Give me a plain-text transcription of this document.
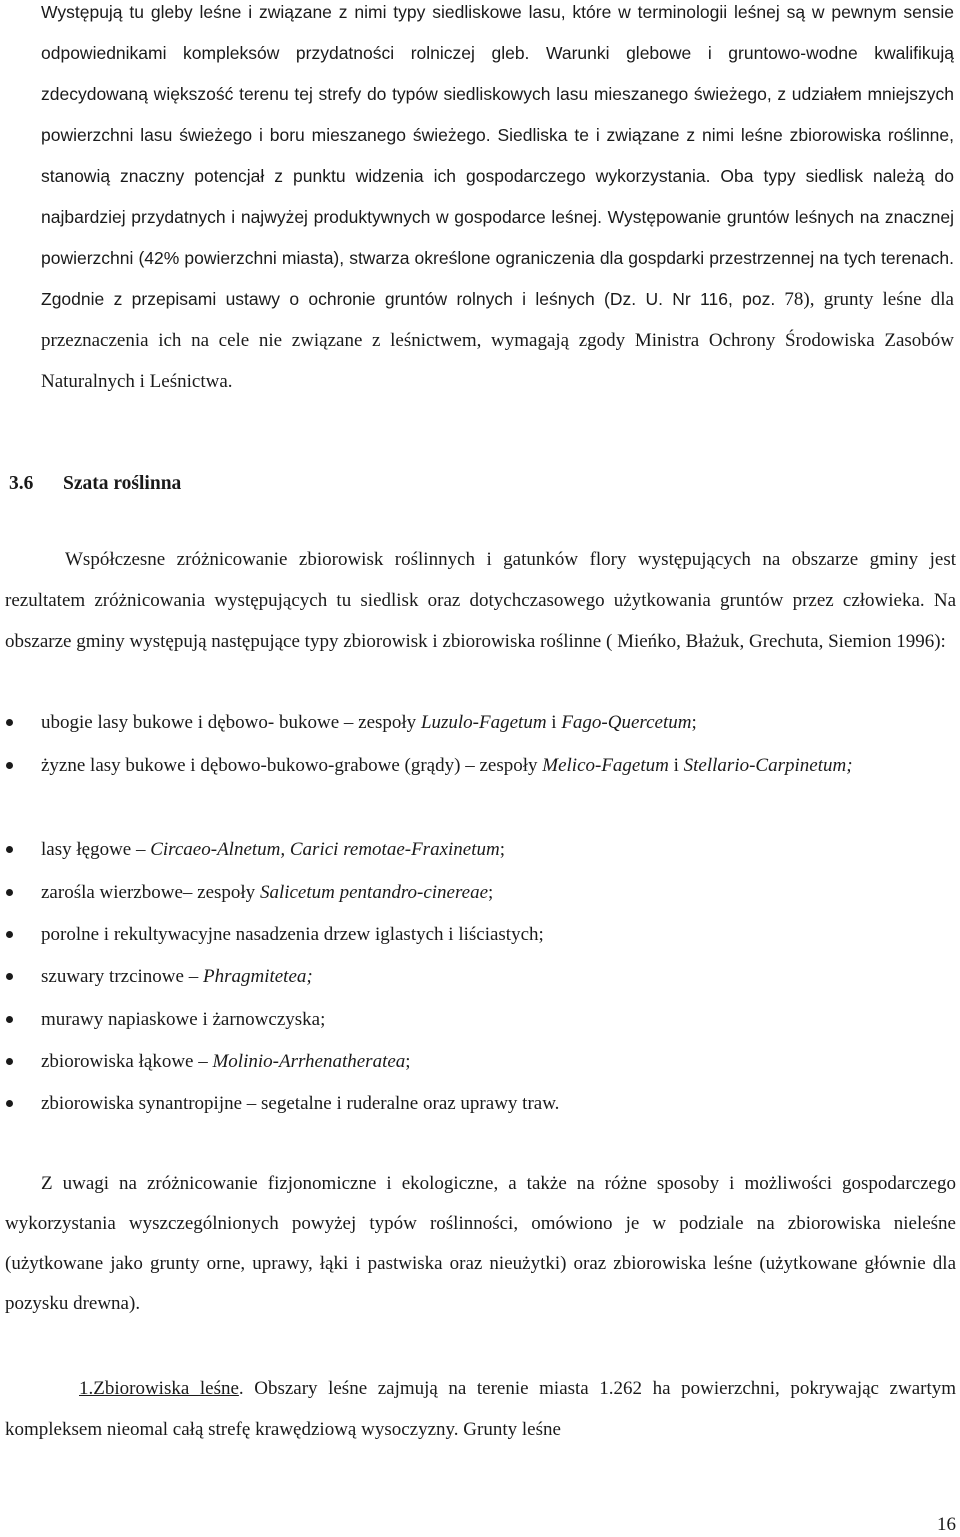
Występują tu gleby leśne i związane z nimi typy siedliskowe lasu, które w terminologii leśnej są w pewnym sensie odpowiednikami kompleksów przydatności rolniczej gleb. Warunki glebowe i gruntowo-wodne kwalifikują zdecydowaną większość terenu tej strefy do typów siedliskowych lasu mieszanego świeżego, z udziałem mniejszych powierzchni lasu świeżego i boru mieszanego świeżego. Siedliska te i związane z nimi leśne zbiorowiska roślinne, stanowią znaczny potencjał z punktu widzenia ich gospodarczego wykorzystania. Oba typy siedlisk należą do najbardziej przydatnych i najwyżej produktywnych w gospodarce leśnej. Występowanie gruntów leśnych na znacznej powierzchni (42% powierzchni miasta), stwarza określone ograniczenia dla gospdarki przestrzennej na tych terenach. Zgodnie z przepisami ustawy o ochronie gruntów rolnych i leśnych (Dz. U. Nr 116, poz. 78), grunty leśne dla przeznaczenia ich na cele nie związane z leśnictwem, wymagają zgody Ministra Ochrony Środowiska Zasobów Naturalnych i Leśnictwa.

3.6 Szata roślinna

Współczesne zróżnicowanie zbiorowisk roślinnych i gatunków flory występujących na obszarze gminy jest rezultatem zróżnicowania występujących tu siedlisk oraz dotychczasowego użytkowania gruntów przez człowieka. Na obszarze gminy występują następujące typy zbiorowisk i zbiorowiska roślinne ( Mieńko, Błażuk, Grechuta, Siemion 1996):

ubogie lasy bukowe i dębowo- bukowe – zespoły Luzulo-Fagetum i Fago-Quercetum;
żyzne lasy bukowe i dębowo-bukowo-grabowe (grądy) – zespoły Melico-Fagetum i Stellario-Carpinetum;
lasy łęgowe – Circaeo-Alnetum, Carici remotae-Fraxinetum;
zarośla wierzbowe– zespoły Salicetum pentandro-cinereae;
porolne i rekultywacyjne nasadzenia drzew iglastych i liściastych;
szuwary trzcinowe – Phragmitetea;
murawy napiaskowe i żarnowczyska;
zbiorowiska łąkowe – Molinio-Arrhenatheratea;
zbiorowiska synantropijne – segetalne i ruderalne oraz uprawy traw.

Z uwagi na zróżnicowanie fizjonomiczne i ekologiczne, a także na różne sposoby i możliwości gospodarczego wykorzystania wyszczególnionych powyżej typów roślinności, omówiono je w podziale na zbiorowiska nieleśne (użytkowane jako grunty orne, uprawy, łąki i pastwiska oraz nieużytki) oraz zbiorowiska leśne (użytkowane głównie dla pozysku drewna).

1.Zbiorowiska leśne. Obszary leśne zajmują na terenie miasta 1.262 ha powierzchni, pokrywając zwartym kompleksem nieomal całą strefę krawędziową wysoczyzny. Grunty leśne

16
